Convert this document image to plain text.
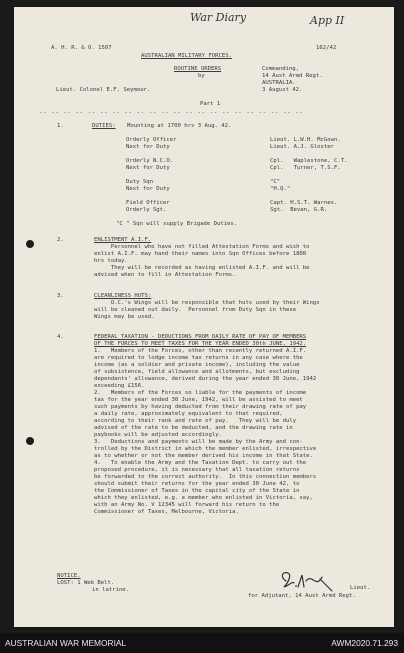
War Diary	App II
A. H. R. & O. 1507	162/42
AUSTRALIAN MILITARY FORCES.
ROUTINE ORDERS
by
Lieut. Colonel E.F. Seymour.
Commanding,
14 Aust Armd Regt.
AUSTRALIA.
3 August 42.
Part 1
-- -- -- -- -- -- -- -- -- -- -- -- -- -- -- -- -- -- -- -- -- --
1.	DUTIES: Mounting at 1700 hrs 3 Aug. 42.
Orderly Officer	Lieut. L.W.H. McGown.
Next for Duty	Lieut. A.J. Gloster
Orderly N.C.O.	Cpl.   Waplestone, C.T.
Next for Duty	Cpl.   Turner, T.S.F.
Duty Sqn	"C"
Next for Duty	"H.Q."
Field Officer	Capt. H.S.T. Warnes.
Orderly Sgt.	Sgt.  Bevan, G.R.
"C " Sqn will supply Brigade Duties.
2.	ENLISTMENT A.I.F.
Personnel who have not filled Attestation Forms and wish to
enlist A.I.F. may hand their names into Sqn Offices before 1800
hrs today.
They will be recorded as having enlisted A.I.F. and will be
advised when to fill in Attestation Forms.
3.	CLEANLINESS HUTS:
O.C.'s Wings will be responsible that huts used by their Wings
will be cleaned out daily.  Personnel from Duty Sqn in these
Wings may be used.
4.	FEDERAL TAXATION - DEDUCTIONS FROM DAILY RATE OF PAY OF MEMBERS
OF THE FORCES TO MEET TAXES FOR THE YEAR ENDED 30th JUNE, 1942.
1.   Members of the Forces, other than recently returned A.I.F.
are required to lodge income tax returns in any case where the
income (as a soldier and private income), including the value
of subsistence, field allowance and allotments, but excluding
dependants' allowance, derived during the year ended 30 June, 1942
exceeding £156.
2.   Members of the Forces so liable for the payments of income
tax for the year ended 30 June, 1942, will be assisted to meet
such payments by having deducted from their drawing rate of pay
a daily rate, approximately equivalent to that required,
according to their rank and rate of pay.   They will be duly
advised of the rate to be deducted, and the drawing rate in
paybooks will be adjusted accordingly.
3.   Deductions and payments will be made by the Army and con-
trolled by the District in which the member enlisted, irrespective
as to whether or not the member derived his income in that State.
4.   To enable the Army and the Taxation Dept. to carry out the
proposed procedure, it is necessary that all taxation returns
be forwarded to the correct authority.  In this connection members
should submit their returns for the year ended 30 June 42, to
the Commissioner of Taxes in the capital city of the State in
which they enlisted, e.g. a member who enlisted in Victoria, say,
with an Army No. V 12345 will forward his return to the
Commissioner of Taxes, Melbourne, Victoria.
NOTICE.
LOST: 1 Web Belt.
in latrine.	Lieut.
for Adjutant, 14 Aust Armd Regt.
AUSTRALIAN WAR MEMORIAL	AWM2020.71.293
